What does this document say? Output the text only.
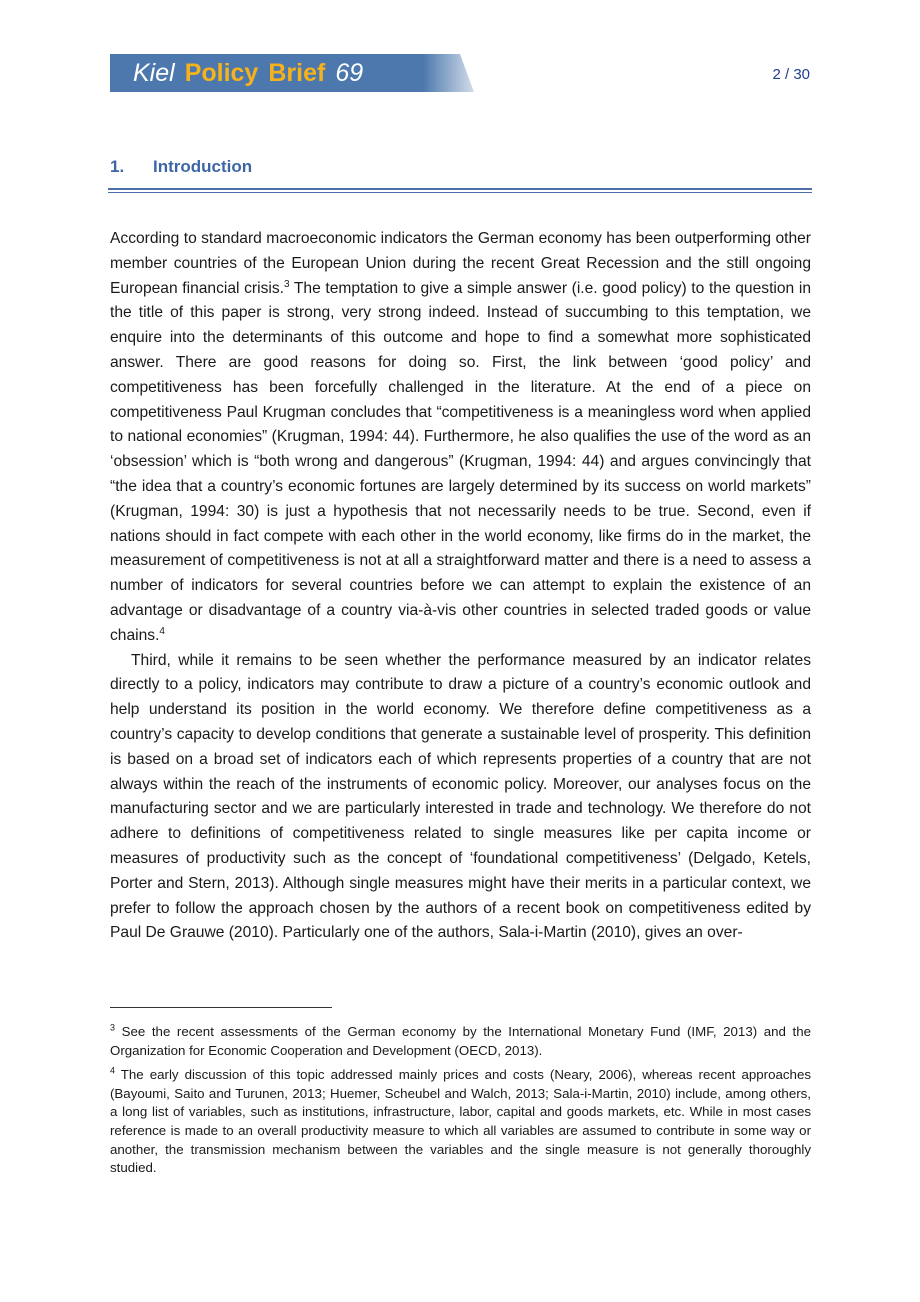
Kiel Policy Brief 69	2 / 30
1. Introduction

According to standard macroeconomic indicators the German economy has been outperforming other member countries of the European Union during the recent Great Recession and the still ongoing European financial crisis.$^3$ The temptation to give a simple answer (i.e. good policy) to the question in the title of this paper is strong, very strong indeed. Instead of succumbing to this temptation, we enquire into the determinants of this outcome and hope to find a somewhat more sophisticated answer. There are good reasons for doing so. First, the link between ‘good policy’ and competitiveness has been forcefully challenged in the literature. At the end of a piece on competitiveness Paul Krugman concludes that “competitiveness is a meaningless word when applied to national economies” (Krugman, 1994: 44). Furthermore, he also qualifies the use of the word as an ‘obsession’ which is “both wrong and dangerous” (Krugman, 1994: 44) and argues convincingly that “the idea that a country’s economic fortunes are largely determined by its success on world markets” (Krugman, 1994: 30) is just a hypothesis that not necessarily needs to be true. Second, even if nations should in fact compete with each other in the world economy, like firms do in the market, the measurement of competitiveness is not at all a straightforward matter and there is a need to assess a number of indicators for several countries before we can attempt to explain the existence of an advantage or disadvantage of a country via-à-vis other countries in selected traded goods or value chains.$^4$

Third, while it remains to be seen whether the performance measured by an indicator relates directly to a policy, indicators may contribute to draw a picture of a country’s economic outlook and help understand its position in the world economy. We therefore define competitiveness as a country’s capacity to develop conditions that generate a sustainable level of prosperity. This definition is based on a broad set of indicators each of which represents properties of a country that are not always within the reach of the instruments of economic policy. Moreover, our analyses focus on the manufacturing sector and we are particularly interested in trade and technology. We therefore do not adhere to definitions of competitiveness related to single measures like per capita income or measures of productivity such as the concept of ‘foundational competitiveness’ (Delgado, Ketels, Porter and Stern, 2013). Although single measures might have their merits in a particular context, we prefer to follow the approach chosen by the authors of a recent book on competitiveness edited by Paul De Grauwe (2010). Particularly one of the authors, Sala-i-Martin (2010), gives an over-

$^3$ See the recent assessments of the German economy by the International Monetary Fund (IMF, 2013) and the Organization for Economic Cooperation and Development (OECD, 2013).

$^4$ The early discussion of this topic addressed mainly prices and costs (Neary, 2006), whereas recent approaches (Bayoumi, Saito and Turunen, 2013; Huemer, Scheubel and Walch, 2013; Sala-i-Martin, 2010) include, among others, a long list of variables, such as institutions, infrastructure, labor, capital and goods markets, etc. While in most cases reference is made to an overall productivity measure to which all variables are assumed to contribute in some way or another, the transmission mechanism between the variables and the single measure is not generally thoroughly studied.
